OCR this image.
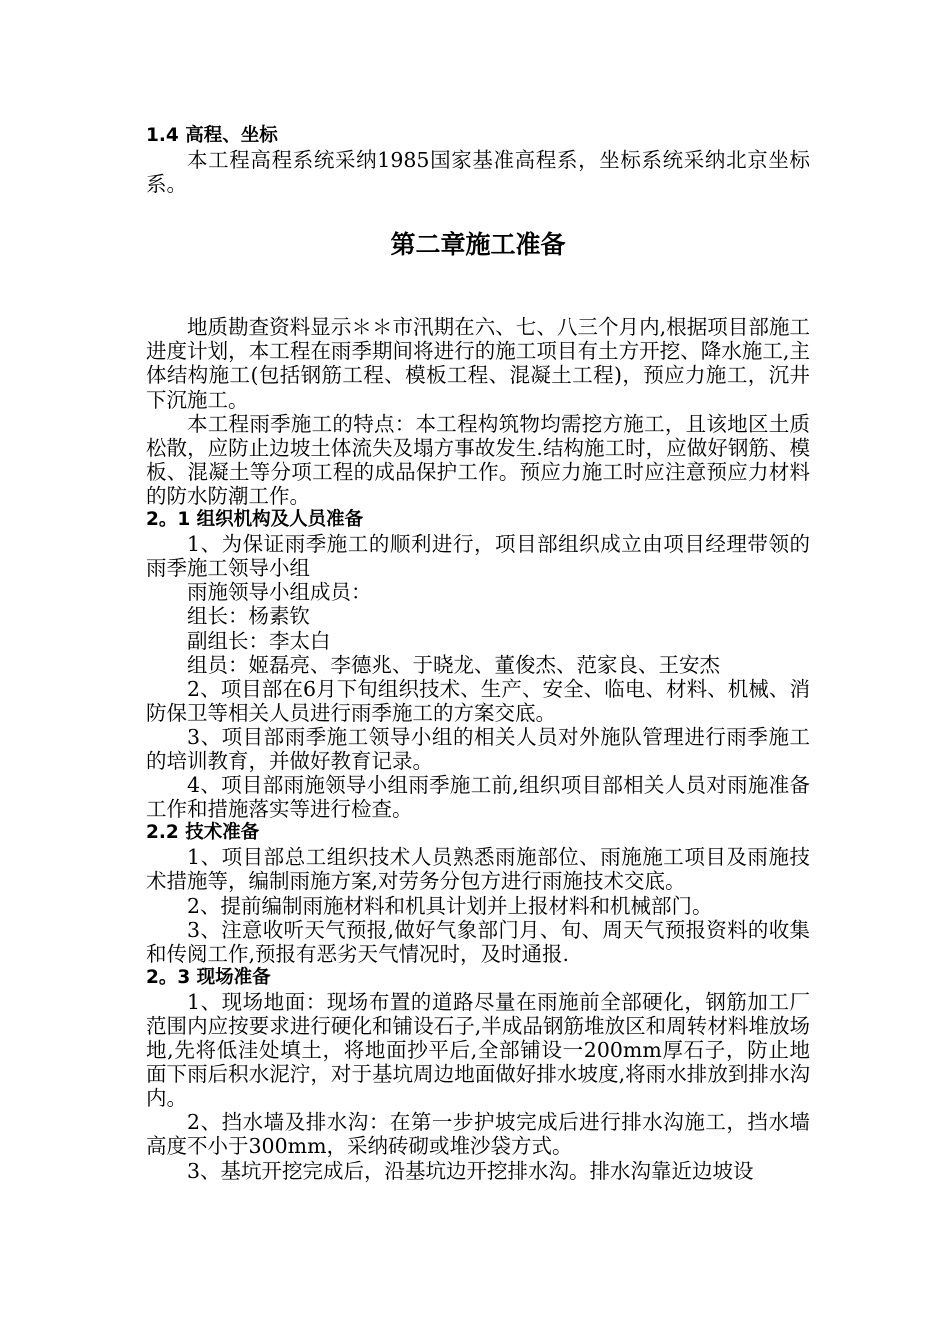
1.4 高程、坐标

本工程高程系统采纳1985国家基准高程系，坐标系统采纳北京坐标系。

第二章施工准备

地质勘查资料显示＊＊市汛期在六、七、八三个月内,根据项目部施工进度计划，本工程在雨季期间将进行的施工项目有土方开挖、降水施工,主体结构施工(包括钢筋工程、模板工程、混凝土工程)，预应力施工，沉井下沉施工。

本工程雨季施工的特点：本工程构筑物均需挖方施工，且该地区土质松散，应防止边坡土体流失及塌方事故发生.结构施工时，应做好钢筋、模板、混凝土等分项工程的成品保护工作。预应力施工时应注意预应力材料的防水防潮工作。

2。1 组织机构及人员准备

1、为保证雨季施工的顺利进行，项目部组织成立由项目经理带领的雨季施工领导小组

雨施领导小组成员：

组长：杨素钦

副组长：李太白

组员：姬磊亮、李德兆、于晓龙、董俊杰、范家良、王安杰

2、项目部在6月下旬组织技术、生产、安全、临电、材料、机械、消防保卫等相关人员进行雨季施工的方案交底。

3、项目部雨季施工领导小组的相关人员对外施队管理进行雨季施工的培训教育，并做好教育记录。

4、项目部雨施领导小组雨季施工前,组织项目部相关人员对雨施准备工作和措施落实等进行检查。

2.2 技术准备

1、项目部总工组织技术人员熟悉雨施部位、雨施施工项目及雨施技术措施等，编制雨施方案,对劳务分包方进行雨施技术交底。

2、提前编制雨施材料和机具计划并上报材料和机械部门。

3、注意收听天气预报,做好气象部门月、旬、周天气预报资料的收集和传阅工作,预报有恶劣天气情况时，及时通报.

2。3 现场准备

1、现场地面：现场布置的道路尽量在雨施前全部硬化，钢筋加工厂范围内应按要求进行硬化和铺设石子,半成品钢筋堆放区和周转材料堆放场地,先将低洼处填土，将地面抄平后,全部铺设一200mm厚石子，防止地面下雨后积水泥泞，对于基坑周边地面做好排水坡度,将雨水排放到排水沟内。

2、挡水墙及排水沟：在第一步护坡完成后进行排水沟施工，挡水墙高度不小于300mm，采纳砖砌或堆沙袋方式。

3、基坑开挖完成后，沿基坑边开挖排水沟。排水沟靠近边坡设
